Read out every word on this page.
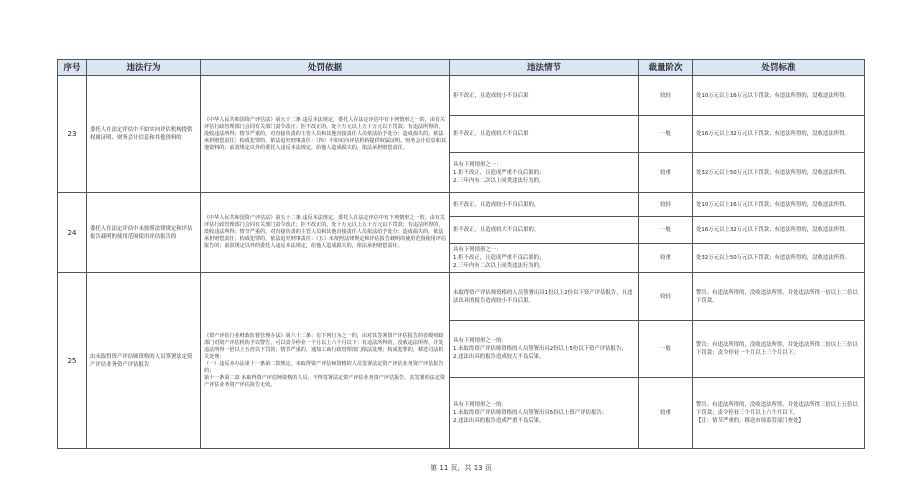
序号	违法行为	处罚依据	违法情节	裁量阶次	处罚标准
23	委托人在法定评估中不如实向评估机构提供权属证明、财务会计信息和其他资料的	《中华人民共和国资产评估法》第五十二条 违反本法规定，委托人在法定评估中有下列情形之一的，由有关评估行政管理部门会同有关部门责令改正；拒不改正的，处十万元以上五十万元以下罚款；有违法所得的，没收违法所得；情节严重的，对直接负责的主管人员和其他直接责任人员依法给予处分；造成损失的，依法承担赔偿责任；构成犯罪的，依法追究刑事责任：（四）不如实向评估机构提供权属证明、财务会计信息和其他资料的；前款规定以外的委托人违反本法规定，给他人造成损失的，依法承担赔偿责任。	拒不改正，且造成较小不良后果	较轻	处10万元以上16万元以下罚款；有违法所得的，没收违法所得。
			拒不改正，且造成较大不良后果	一般	处16万元以上32万元以下罚款；有违法所得的，没收违法所得。
			具有下列情形之一：
1.拒不改正，且造成严重不良后果的；
2.三年内有二次以上同类违法行为的。	较重	处32万元以上50万元以下罚款；有违法所得的，没收违法所得。
24	委托人在法定评估中未按照法律规定和评估报告载明的使用范围使用评估报告的	《中华人民共和国资产评估法》第五十二条 违反本法规定，委托人在法定评估中有下列情形之一的，由有关评估行政管理部门会同有关部门责令改正；拒不改正的，处十万元以上五十万元以下罚款；有违法所得的，没收违法所得；情节严重的，对直接负责的主管人员和其他直接责任人员依法给予处分；造成损失的，依法承担赔偿责任；构成犯罪的，依法追究刑事责任：（五）未按照法律规定和评估报告载明的使用范围使用评估报告的；前款规定以外的委托人违反本法规定，给他人造成损失的，依法承担赔偿责任。	拒不改正，且造成较小不良后果的。	较轻	处10万元以上16万元以下罚款；有违法所得的，没收违法所得。
			拒不改正，且造成较大不良后果的。	一般	处16万元以上32万元以下罚款；有违法所得的，没收违法所得。
			具有下列情形之一：
1.拒不改正，且造成严重不良后果的；
2.三年内有二次以上同类违法行为的。	较重	处32万元以上50万元以下罚款；有违法所得的，没收违法所得。
25	由未取得资产评估师资格的人员签署法定资产评估业务资产评估报告	《资产评估行业财政监督管理办法》第六十二条：有下列行为之一的，由对其签署资产评估报告的省级财政部门对资产评估机构予以警告，可以责令停业一个月以上六个月以下；有违法所得的，没收违法所得，并处违法所得一倍以上五倍以下罚款；情节严重的，通知工商行政管理部门依法处理；构成犯罪的，移送司法机关处理：
（一）违反本办法第十一条第二款规定，未取得资产评估师资格的人员签署法定资产评估业务资产评估报告的；
第十一条第二款 未取得资产评估师资格的人员，不得签署法定资产评估业务资产评估报告，其签署的法定资产评估业务资产评估报告无效。	未取得资产评估师资格的人员签署出具1份以上2份以下资产评估报告，且违法出具的报告造成较小不良后果。	较轻	警告；有违法所得的，没收违法所得，并处违法所得一倍以上二倍以下罚款。
			具有下列情形之一的：
1.未取得资产评估师资格的人员签署出具2份以上5份以下资产评估报告；
2.违法出具的报告造成较大不良后果。	一般	警告；有违法所得的，没收违法所得，并处违法所得二倍以上三倍以下罚款；责令停业一个月以上三个月以下。
			具有下列情形之一的：
1.未取得资产评估师资格的人员签署出具5份以上资产评估报告；
2.违法出具的报告造成严重不良后果。	较重	警告；有违法所得的，没收违法所得，并处违法所得三倍以上五倍以下罚款；责令停业三个月以上六个月以下。
【注：情节严重的，移送市场监管部门查处】
第 11 页，共 13 页
